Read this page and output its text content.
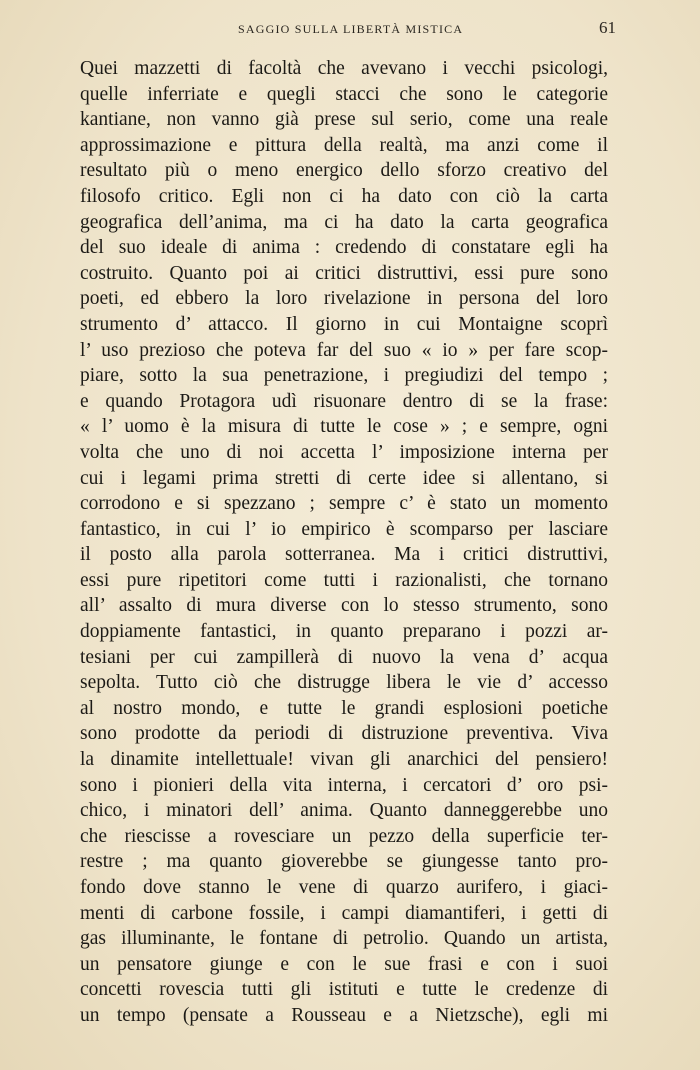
SAGGIO SULLA LIBERTÀ MISTICA	61
Quei mazzetti di facoltà che avevano i vecchi psicologi,
quelle inferriate e quegli stacci che sono le categorie
kantiane, non vanno già prese sul serio, come una reale
approssimazione e pittura della realtà, ma anzi come il
resultato più o meno energico dello sforzo creativo del
filosofo critico. Egli non ci ha dato con ciò la carta
geografica dell’anima, ma ci ha dato la carta geografica
del suo ideale di anima : credendo di constatare egli ha
costruito. Quanto poi ai critici distruttivi, essi pure sono
poeti, ed ebbero la loro rivelazione in persona del loro
strumento d’ attacco. Il giorno in cui Montaigne scoprì
l’ uso prezioso che poteva far del suo « io » per fare scop-
piare, sotto la sua penetrazione, i pregiudizi del tempo ;
e quando Protagora udì risuonare dentro di se la frase:
« l’ uomo è la misura di tutte le cose » ; e sempre, ogni
volta che uno di noi accetta l’ imposizione interna per
cui i legami prima stretti di certe idee si allentano, si
corrodono e si spezzano ; sempre c’ è stato un momento
fantastico, in cui l’ io empirico è scomparso per lasciare
il posto alla parola sotterranea. Ma i critici distruttivi,
essi pure ripetitori come tutti i razionalisti, che tornano
all’ assalto di mura diverse con lo stesso strumento, sono
doppiamente fantastici, in quanto preparano i pozzi ar-
tesiani per cui zampillerà di nuovo la vena d’ acqua
sepolta. Tutto ciò che distrugge libera le vie d’ accesso
al nostro mondo, e tutte le grandi esplosioni poetiche
sono prodotte da periodi di distruzione preventiva. Viva
la dinamite intellettuale! vivan gli anarchici del pensiero!
sono i pionieri della vita interna, i cercatori d’ oro psi-
chico, i minatori dell’ anima. Quanto danneggerebbe uno
che riescisse a rovesciare un pezzo della superficie ter-
restre ; ma quanto gioverebbe se giungesse tanto pro-
fondo dove stanno le vene di quarzo aurifero, i giaci-
menti di carbone fossile, i campi diamantiferi, i getti di
gas illuminante, le fontane di petrolio. Quando un artista,
un pensatore giunge e con le sue frasi e con i suoi
concetti rovescia tutti gli istituti e tutte le credenze di
un tempo (pensate a Rousseau e a Nietzsche), egli mi
